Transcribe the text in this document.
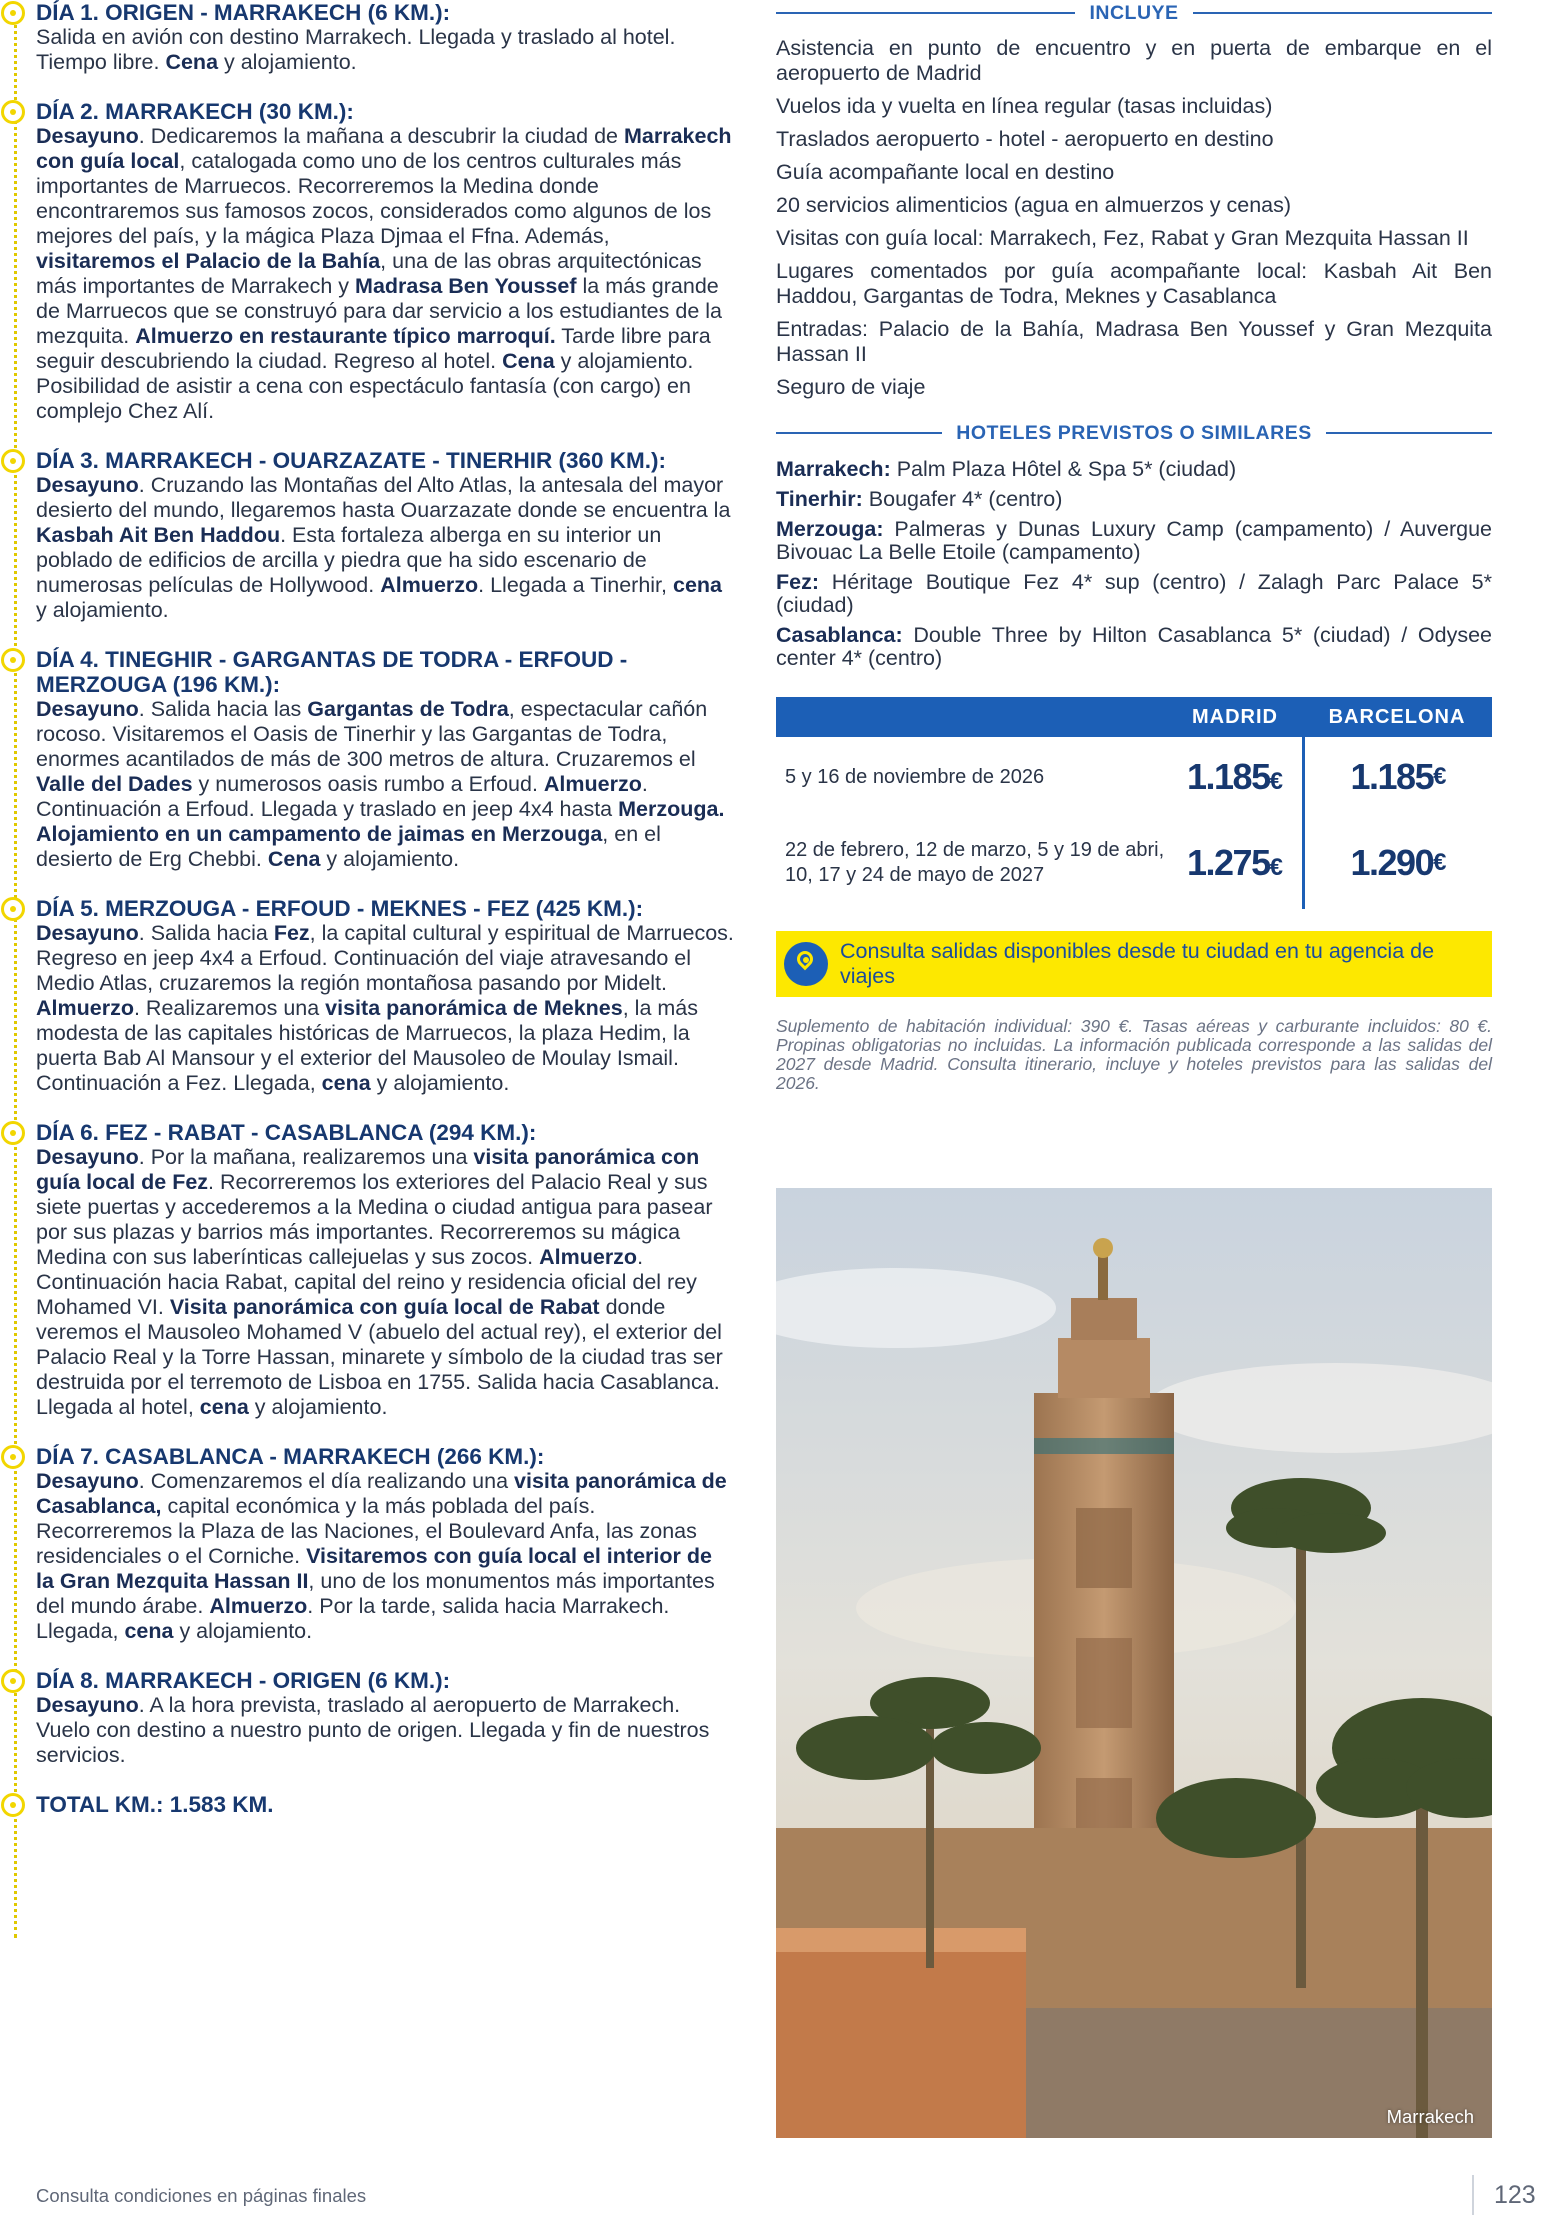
DÍA 1. ORIGEN - MARRAKECH (6 KM.):
Salida en avión con destino Marrakech. Llegada y traslado al hotel. Tiempo libre. Cena y alojamiento.
DÍA 2. MARRAKECH (30 KM.):
Desayuno. Dedicaremos la mañana a descubrir la ciudad de Marrakech con guía local, catalogada como uno de los centros culturales más importantes de Marruecos. Recorreremos la Medina donde encontraremos sus famosos zocos, considerados como algunos de los mejores del país, y la mágica Plaza Djmaa el Ffna. Además, visitaremos el Palacio de la Bahía, una de las obras arquitectónicas más importantes de Marrakech y Madrasa Ben Youssef la más grande de Marruecos que se construyó para dar servicio a los estudiantes de la mezquita. Almuerzo en restaurante típico marroquí. Tarde libre para seguir descubriendo la ciudad. Regreso al hotel. Cena y alojamiento. Posibilidad de asistir a cena con espectáculo fantasía (con cargo) en complejo Chez Alí.
DÍA 3. MARRAKECH - OUARZAZATE - TINERHIR (360 KM.):
Desayuno. Cruzando las Montañas del Alto Atlas, la antesala del mayor desierto del mundo, llegaremos hasta Ouarzazate donde se encuentra la Kasbah Ait Ben Haddou. Esta fortaleza alberga en su interior un poblado de edificios de arcilla y piedra que ha sido escenario de numerosas películas de Hollywood. Almuerzo. Llegada a Tinerhir, cena y alojamiento.
DÍA 4. TINEGHIR - GARGANTAS DE TODRA - ERFOUD - MERZOUGA (196 KM.):
Desayuno. Salida hacia las Gargantas de Todra, espectacular cañón rocoso. Visitaremos el Oasis de Tinerhir y las Gargantas de Todra, enormes acantilados de más de 300 metros de altura. Cruzaremos el Valle del Dades y numerosos oasis rumbo a Erfoud. Almuerzo. Continuación a Erfoud. Llegada y traslado en jeep 4x4 hasta Merzouga. Alojamiento en un campamento de jaimas en Merzouga, en el desierto de Erg Chebbi. Cena y alojamiento.
DÍA 5. MERZOUGA - ERFOUD - MEKNES - FEZ (425 KM.):
Desayuno. Salida hacia Fez, la capital cultural y espiritual de Marruecos. Regreso en jeep 4x4 a Erfoud. Continuación del viaje atravesando el Medio Atlas, cruzaremos la región montañosa pasando por Midelt. Almuerzo. Realizaremos una visita panorámica de Meknes, la más modesta de las capitales históricas de Marruecos, la plaza Hedim, la puerta Bab Al Mansour y el exterior del Mausoleo de Moulay Ismail. Continuación a Fez. Llegada, cena y alojamiento.
DÍA 6. FEZ - RABAT - CASABLANCA (294 KM.):
Desayuno. Por la mañana, realizaremos una visita panorámica con guía local de Fez. Recorreremos los exteriores del Palacio Real y sus siete puertas y accederemos a la Medina o ciudad antigua para pasear por sus plazas y barrios más importantes. Recorreremos su mágica Medina con sus laberínticas callejuelas y sus zocos. Almuerzo. Continuación hacia Rabat, capital del reino y residencia oficial del rey Mohamed VI. Visita panorámica con guía local de Rabat donde veremos el Mausoleo Mohamed V (abuelo del actual rey), el exterior del Palacio Real y la Torre Hassan, minarete y símbolo de la ciudad tras ser destruida por el terremoto de Lisboa en 1755. Salida hacia Casablanca. Llegada al hotel, cena y alojamiento.
DÍA 7. CASABLANCA - MARRAKECH (266 KM.):
Desayuno. Comenzaremos el día realizando una visita panorámica de Casablanca, capital económica y la más poblada del país. Recorreremos la Plaza de las Naciones, el Boulevard Anfa, las zonas residenciales o el Corniche. Visitaremos con guía local el interior de la Gran Mezquita Hassan II, uno de los monumentos más importantes del mundo árabe. Almuerzo. Por la tarde, salida hacia Marrakech. Llegada, cena y alojamiento.
DÍA 8. MARRAKECH - ORIGEN (6 KM.):
Desayuno. A la hora prevista, traslado al aeropuerto de Marrakech. Vuelo con destino a nuestro punto de origen. Llegada y fin de nuestros servicios.
TOTAL KM.: 1.583 KM.
INCLUYE
Asistencia en punto de encuentro y en puerta de embarque en el aeropuerto de Madrid
Vuelos ida y vuelta en línea regular (tasas incluidas)
Traslados aeropuerto - hotel - aeropuerto en destino
Guía acompañante local en destino
20 servicios alimenticios (agua en almuerzos y cenas)
Visitas con guía local: Marrakech, Fez, Rabat y Gran Mezquita Hassan II
Lugares comentados por guía acompañante local: Kasbah Ait Ben Haddou, Gargantas de Todra, Meknes y Casablanca
Entradas: Palacio de la Bahía, Madrasa Ben Youssef y Gran Mezquita Hassan II
Seguro de viaje
HOTELES PREVISTOS O SIMILARES
Marrakech: Palm Plaza Hôtel & Spa 5* (ciudad)
Tinerhir: Bougafer 4* (centro)
Merzouga: Palmeras y Dunas Luxury Camp (campamento) / Auvergue Bivouac La Belle Etoile (campamento)
Fez: Héritage Boutique Fez 4* sup (centro) / Zalagh Parc Palace 5* (ciudad)
Casablanca: Double Three by Hilton Casablanca 5* (ciudad) / Odysee center 4* (centro)
MADRID	BARCELONA
5 y 16 de noviembre de 2026	1.185€	1.185 €
22 de febrero, 12 de marzo, 5 y 19 de abri, 10, 17 y 24 de mayo de 2027	1.275€	1.290 €
Consulta salidas disponibles desde tu ciudad en tu agencia de viajes
Suplemento de habitación individual: 390 €. Tasas aéreas y carburante incluidos: 80 €. Propinas obligatorias no incluidas. La información publicada corresponde a las salidas del 2027 desde Madrid. Consulta itinerario, incluye y hoteles previstos para las salidas del 2026.
Marrakech
Consulta condiciones en páginas finales	123
